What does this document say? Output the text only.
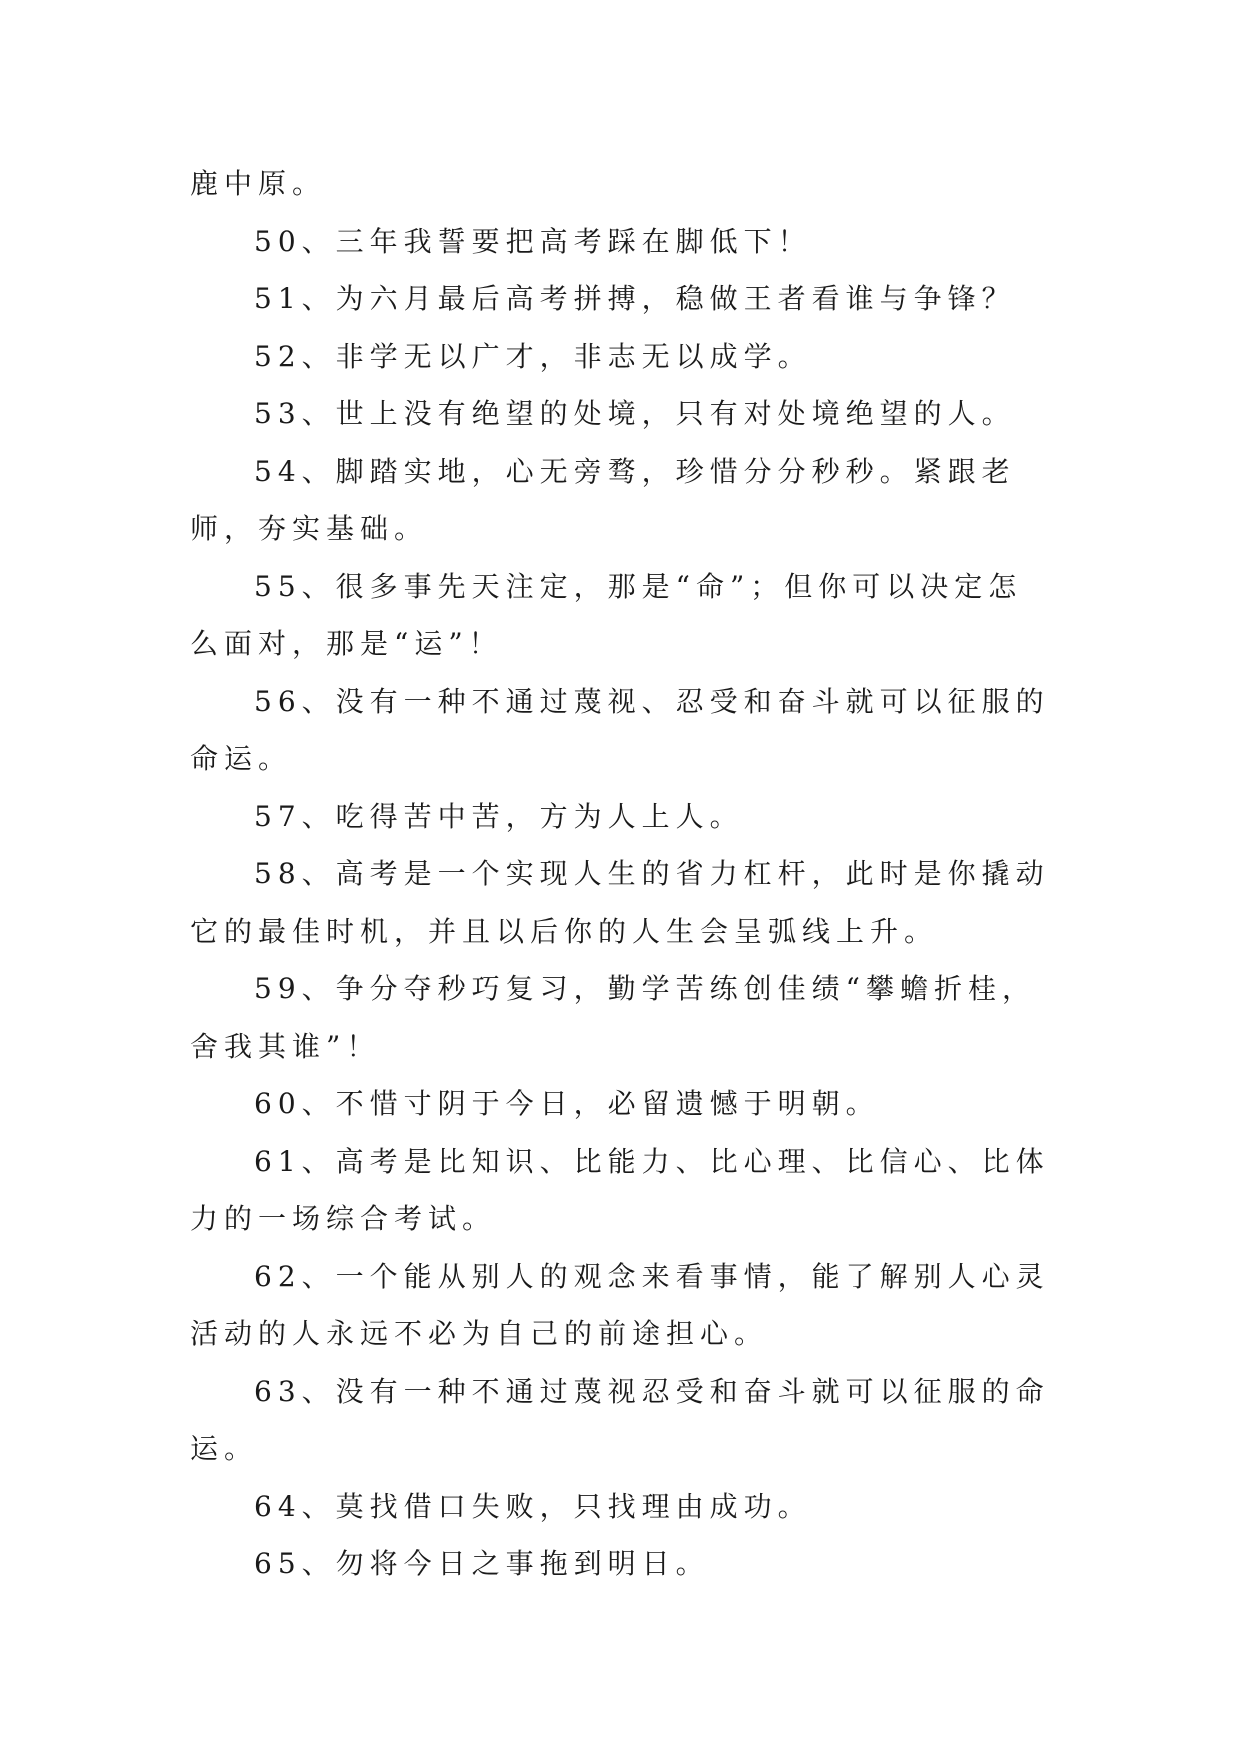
鹿中原。

50、三年我誓要把高考踩在脚低下！

51、为六月最后高考拼搏，稳做王者看谁与争锋？

52、非学无以广才，非志无以成学。

53、世上没有绝望的处境，只有对处境绝望的人。

54、脚踏实地，心无旁骛，珍惜分分秒秒。紧跟老师，夯实基础。

55、很多事先天注定，那是“命”；但你可以决定怎么面对，那是“运”！

56、没有一种不通过蔑视、忍受和奋斗就可以征服的命运。

57、吃得苦中苦，方为人上人。

58、高考是一个实现人生的省力杠杆，此时是你撬动它的最佳时机，并且以后你的人生会呈弧线上升。

59、争分夺秒巧复习，勤学苦练创佳绩“攀蟾折桂，舍我其谁”！

60、不惜寸阴于今日，必留遗憾于明朝。

61、高考是比知识、比能力、比心理、比信心、比体力的一场综合考试。

62、一个能从别人的观念来看事情，能了解别人心灵活动的人永远不必为自己的前途担心。

63、没有一种不通过蔑视忍受和奋斗就可以征服的命运。

64、莫找借口失败，只找理由成功。

65、勿将今日之事拖到明日。
